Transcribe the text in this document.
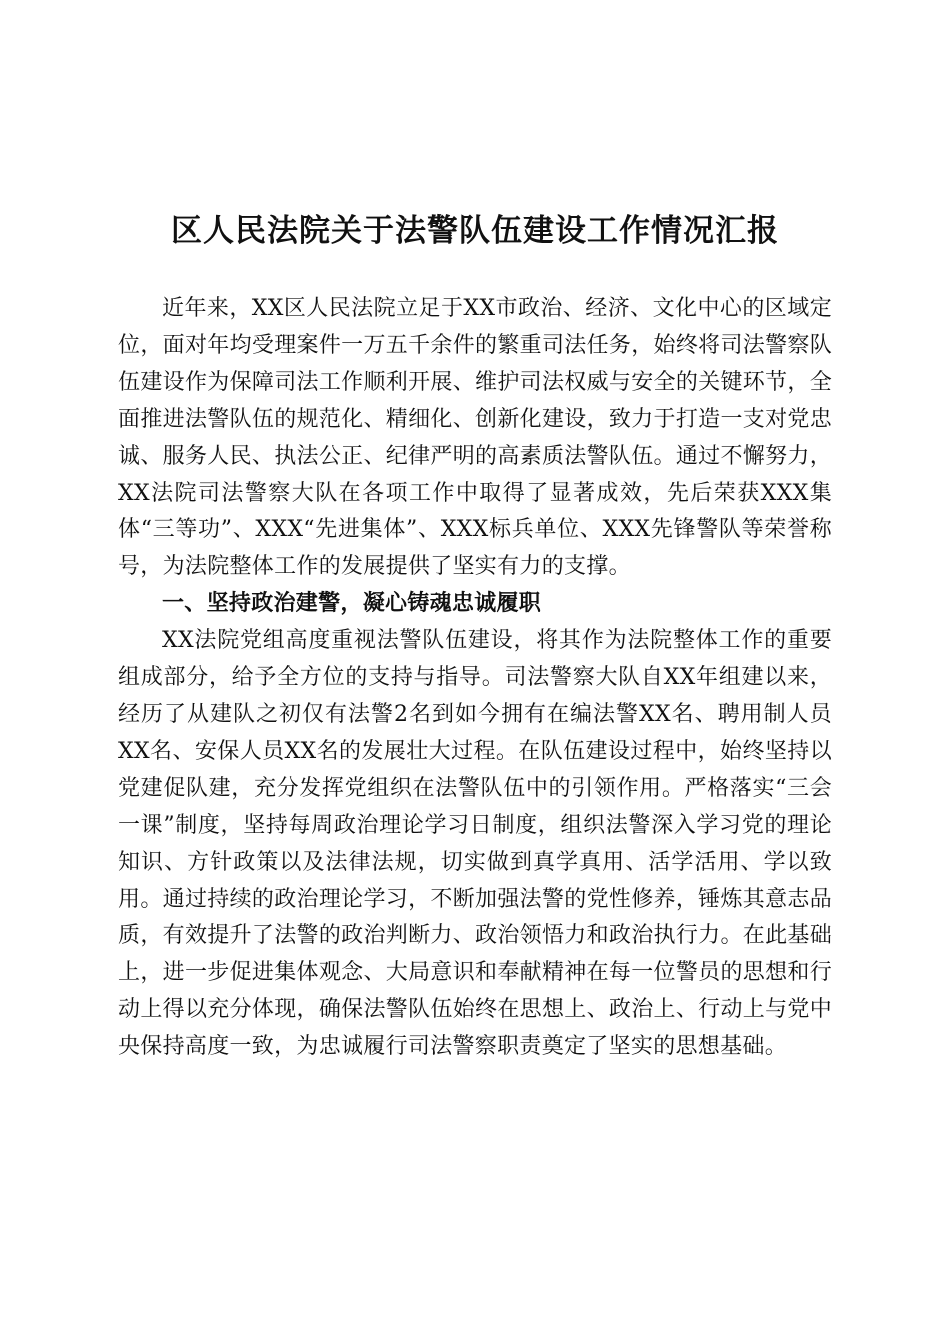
区人民法院关于法警队伍建设工作情况汇报

近年来，XX区人民法院立足于XX市政治、经济、文化中心的区域定位，面对年均受理案件一万五千余件的繁重司法任务，始终将司法警察队伍建设作为保障司法工作顺利开展、维护司法权威与安全的关键环节，全面推进法警队伍的规范化、精细化、创新化建设，致力于打造一支对党忠诚、服务人民、执法公正、纪律严明的高素质法警队伍。通过不懈努力，XX法院司法警察大队在各项工作中取得了显著成效，先后荣获XXX集体“三等功”、XXX“先进集体”、XXX标兵单位、XXX先锋警队等荣誉称号，为法院整体工作的发展提供了坚实有力的支撑。

一、坚持政治建警，凝心铸魂忠诚履职

XX法院党组高度重视法警队伍建设，将其作为法院整体工作的重要组成部分，给予全方位的支持与指导。司法警察大队自XX年组建以来，经历了从建队之初仅有法警2名到如今拥有在编法警XX名、聘用制人员XX名、安保人员XX名的发展壮大过程。在队伍建设过程中，始终坚持以党建促队建，充分发挥党组织在法警队伍中的引领作用。严格落实“三会一课”制度，坚持每周政治理论学习日制度，组织法警深入学习党的理论知识、方针政策以及法律法规，切实做到真学真用、活学活用、学以致用。通过持续的政治理论学习，不断加强法警的党性修养，锤炼其意志品质，有效提升了法警的政治判断力、政治领悟力和政治执行力。在此基础上，进一步促进集体观念、大局意识和奉献精神在每一位警员的思想和行动上得以充分体现，确保法警队伍始终在思想上、政治上、行动上与党中央保持高度一致，为忠诚履行司法警察职责奠定了坚实的思想基础。
